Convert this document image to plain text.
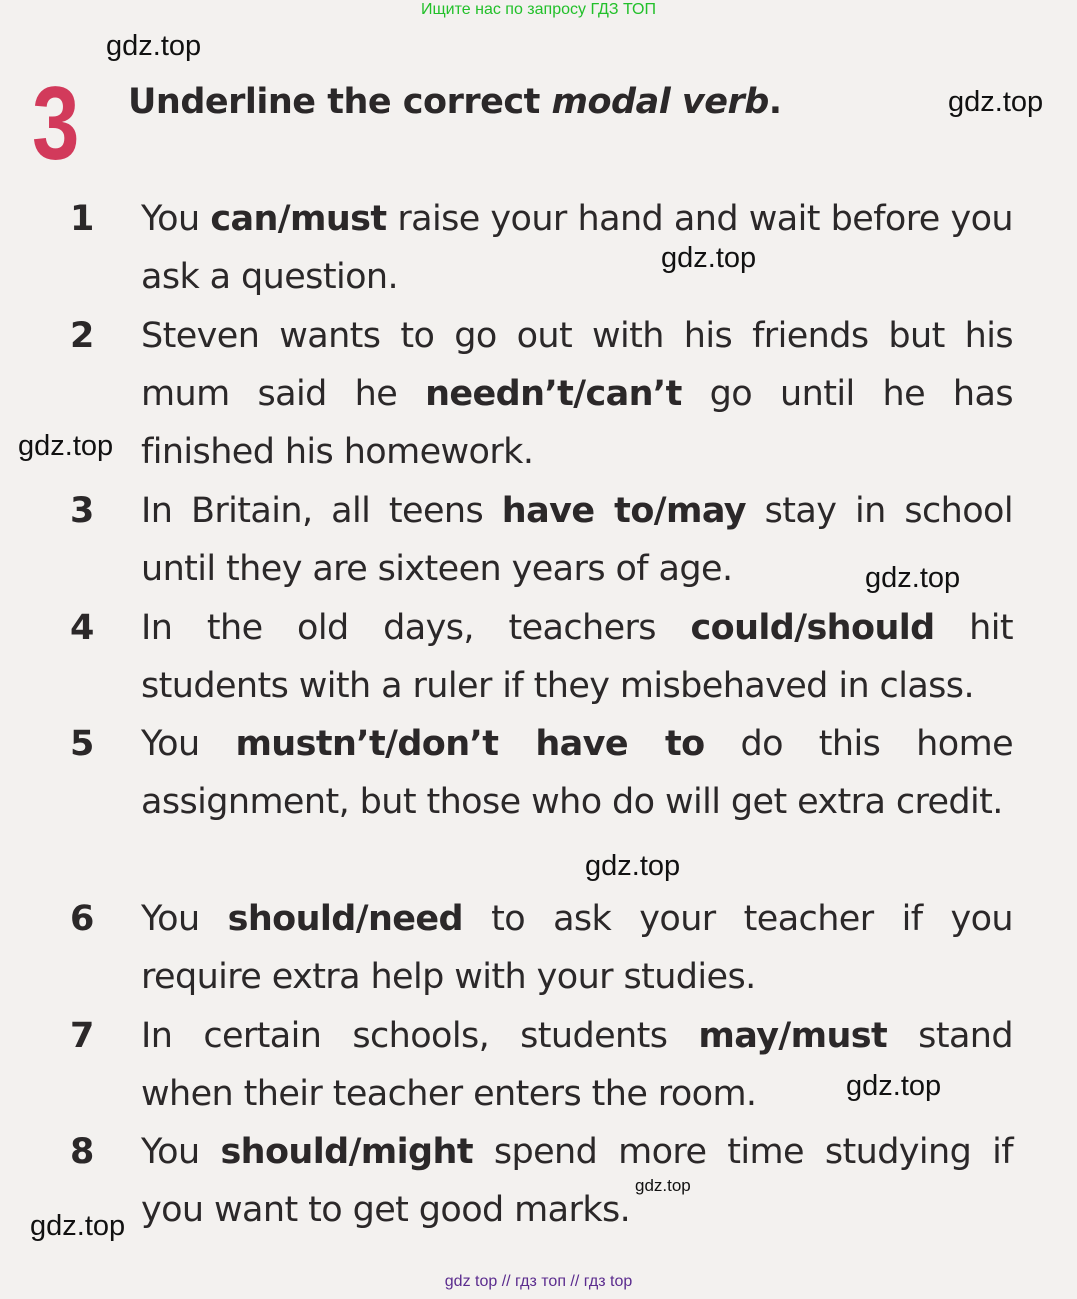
Ищите нас по запросу ГДЗ ТОП
3 Underline the correct modal verb.
1 You can/must raise your hand and wait before you ask a question.
2 Steven wants to go out with his friends but his mum said he needn’t/can’t go until he has finished his homework.
3 In Britain, all teens have to/may stay in school until they are sixteen years of age.
4 In the old days, teachers could/should hit students with a ruler if they misbehaved in class.
5 You mustn’t/don’t have to do this home assignment, but those who do will get extra credit.
6 You should/need to ask your teacher if you require extra help with your studies.
7 In certain schools, students may/must stand when their teacher enters the room.
8 You should/might spend more time studying if you want to get good marks.
gdz.top
gdz.top
gdz.top
gdz.top
gdz.top
gdz.top
gdz.top
gdz.top
gdz.top
gdz top // гдз топ // гдз top
